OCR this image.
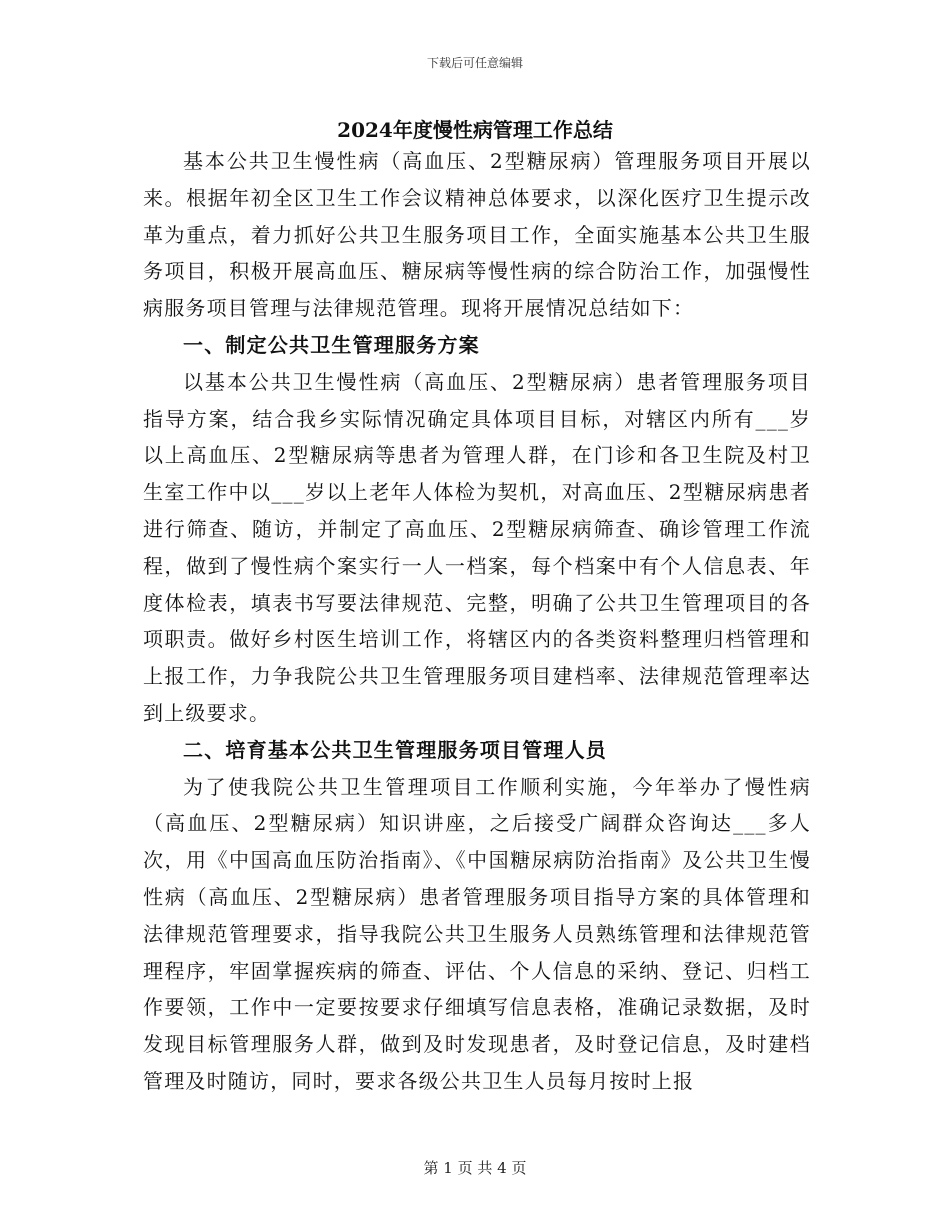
下载后可任意编辑
2024年度慢性病管理工作总结

基本公共卫生慢性病（高血压、2型糖尿病）管理服务项目开展以来。根据年初全区卫生工作会议精神总体要求，以深化医疗卫生提示改革为重点，着力抓好公共卫生服务项目工作，全面实施基本公共卫生服务项目，积极开展高血压、糖尿病等慢性病的综合防治工作，加强慢性病服务项目管理与法律规范管理。现将开展情况总结如下：

一、制定公共卫生管理服务方案

以基本公共卫生慢性病（高血压、2型糖尿病）患者管理服务项目指导方案，结合我乡实际情况确定具体项目目标，对辖区内所有___岁以上高血压、2型糖尿病等患者为管理人群，在门诊和各卫生院及村卫生室工作中以___岁以上老年人体检为契机，对高血压、2型糖尿病患者进行筛查、随访，并制定了高血压、2型糖尿病筛查、确诊管理工作流程，做到了慢性病个案实行一人一档案，每个档案中有个人信息表、年度体检表，填表书写要法律规范、完整，明确了公共卫生管理项目的各项职责。做好乡村医生培训工作，将辖区内的各类资料整理归档管理和上报工作，力争我院公共卫生管理服务项目建档率、法律规范管理率达到上级要求。

二、培育基本公共卫生管理服务项目管理人员

为了使我院公共卫生管理项目工作顺利实施，今年举办了慢性病（高血压、2型糖尿病）知识讲座，之后接受广阔群众咨询达___多人次，用《中国高血压防治指南》、《中国糖尿病防治指南》及公共卫生慢性病（高血压、2型糖尿病）患者管理服务项目指导方案的具体管理和法律规范管理要求，指导我院公共卫生服务人员熟练管理和法律规范管理程序，牢固掌握疾病的筛查、评估、个人信息的采纳、登记、归档工作要领，工作中一定要按要求仔细填写信息表格，准确记录数据，及时发现目标管理服务人群，做到及时发现患者，及时登记信息，及时建档管理及时随访，同时，要求各级公共卫生人员每月按时上报

第 1 页 共 4 页
